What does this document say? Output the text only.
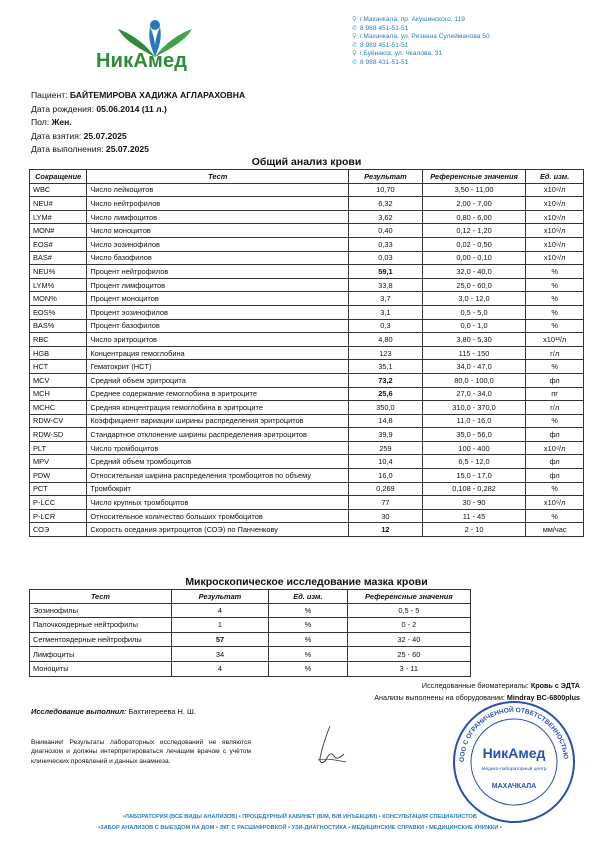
НикАмед
⚲ г.Махачкала, пр. Акушинского, 119
✆ 8 988 451-51-51
⚲ г.Махачкала, ул. Ризвана Сулейманова 50
✆ 8 989 451-51-51
⚲ г.Буйнакск, ул. Чкалова, 31
✆ 8 988 431-51-51
Пациент: БАЙТЕМИРОВА ХАДИЖА АГЛАРАХОВНА
Дата рождения: 05.06.2014 (11 л.)
Пол: Жен.
Дата взятия: 25.07.2025
Дата выполнения: 25.07.2025
Общий анализ крови
Сокращение	Тест	Результат	Референсные значения	Ед. изм.
WBC	Число лейкоцитов	10,70	3,50 - 11,00	х10⁹/л
NEU#	Число нейтрофилов	6,32	2,00 - 7,00	х10⁹/л
LYM#	Число лимфоцитов	3,62	0,80 - 6,00	х10⁹/л
MON#	Число моноцитов	0,40	0,12 - 1,20	х10⁹/л
EOS#	Число эозинофилов	0,33	0,02 - 0,50	х10⁹/л
BAS#	Число базофилов	0,03	0,00 - 0,10	х10⁹/л
NEU%	Процент нейтрофилов	59,1	32,0 - 40,0	%
LYM%	Процент лимфоцитов	33,8	25,0 - 60,0	%
MON%	Процент моноцитов	3,7	3,0 - 12,0	%
EOS%	Процент эозинофилов	3,1	0,5 - 5,0	%
BAS%	Процент базофилов	0,3	0,0 - 1,0	%
RBC	Число эритроцитов	4,80	3,80 - 5,30	х10¹²/л
HGB	Концентрация гемоглобина	123	115 - 150	г/л
HCT	Гематокрит (HCT)	35,1	34,0 - 47,0	%
MCV	Средний объем эритроцита	73,2	80,0 - 100,0	фл
MCH	Среднее содержание гемоглобина в эритроците	25,6	27,0 - 34,0	пг
MCHC	Средняя концентрация гемоглобина в эритроците	350,0	310,0 - 370,0	г/л
RDW-CV	Коэффициент вариации ширины распределения эритроцитов	14,8	11,0 - 16,0	%
RDW-SD	Стандартное отклонение ширины распределения эритроцитов	39,9	35,0 - 56,0	фл
PLT	Число тромбоцитов	259	100 - 400	х10⁹/л
MPV	Средний объем тромбоцитов	10,4	6,5 - 12,0	фл
PDW	Относительная ширина распределения тромбоцитов по объему	16,0	15,0 - 17,0	фл
PCT	Тромбокрит	0,269	0,108 - 0,282	%
P-LCC	Число крупных тромбоцитов	77	30 - 90	х10⁹/л
P-LCR	Относительное количество больших тромбоцитов	30	11 - 45	%
СОЭ	Скорость оседания эритроцитов (СОЭ) по Панченкову	12	2 - 10	мм/час
Микроскопическое исследование мазка крови
Тест	Результат	Ед. изм.	Референсные значения
Эозинофилы	4	%	0,5 - 5
Палочкоядерные нейтрофилы	1	%	0 - 2
Сегментоядерные нейтрофилы	57	%	32 - 40
Лимфоциты	34	%	25 - 60
Моноциты	4	%	3 - 11
Исследованные биоматериалы: Кровь с ЭДТА
Анализы выполнены на оборудовании: Mindray BC-6800plus
Исследование выполнил: Бахтигереева Н. Ш.
Внимание! Результаты лабораторных исследований не являются диагнозом и должны интерпретироваться лечащим врачом с учётом клинических проявлений и данных анамнеза.	ООО С ОГРАНИЧЕННОЙ ОТВЕТСТВЕННОСТЬЮ
НикАмед
Медико-лабораторный центр
МАХАЧКАЛА
•ЛАБОРАТОРИЯ (ВСЕ ВИДЫ АНАЛИЗОВ) • ПРОЦЕДУРНЫЙ КАБИНЕТ (В/М, В/В ИНЪЕКЦИИ) • КОНСУЛЬТАЦИЯ СПЕЦИАЛИСТОВ
•ЗАБОР АНАЛИЗОВ С ВЫЕЗДОМ НА ДОМ • ЭКГ С РАСШИФРОВКОЙ • УЗИ-ДИАГНОСТИКА • МЕДИЦИНСКИЕ СПРАВКИ • МЕДИЦИНСКИЕ КНИЖКИ •
